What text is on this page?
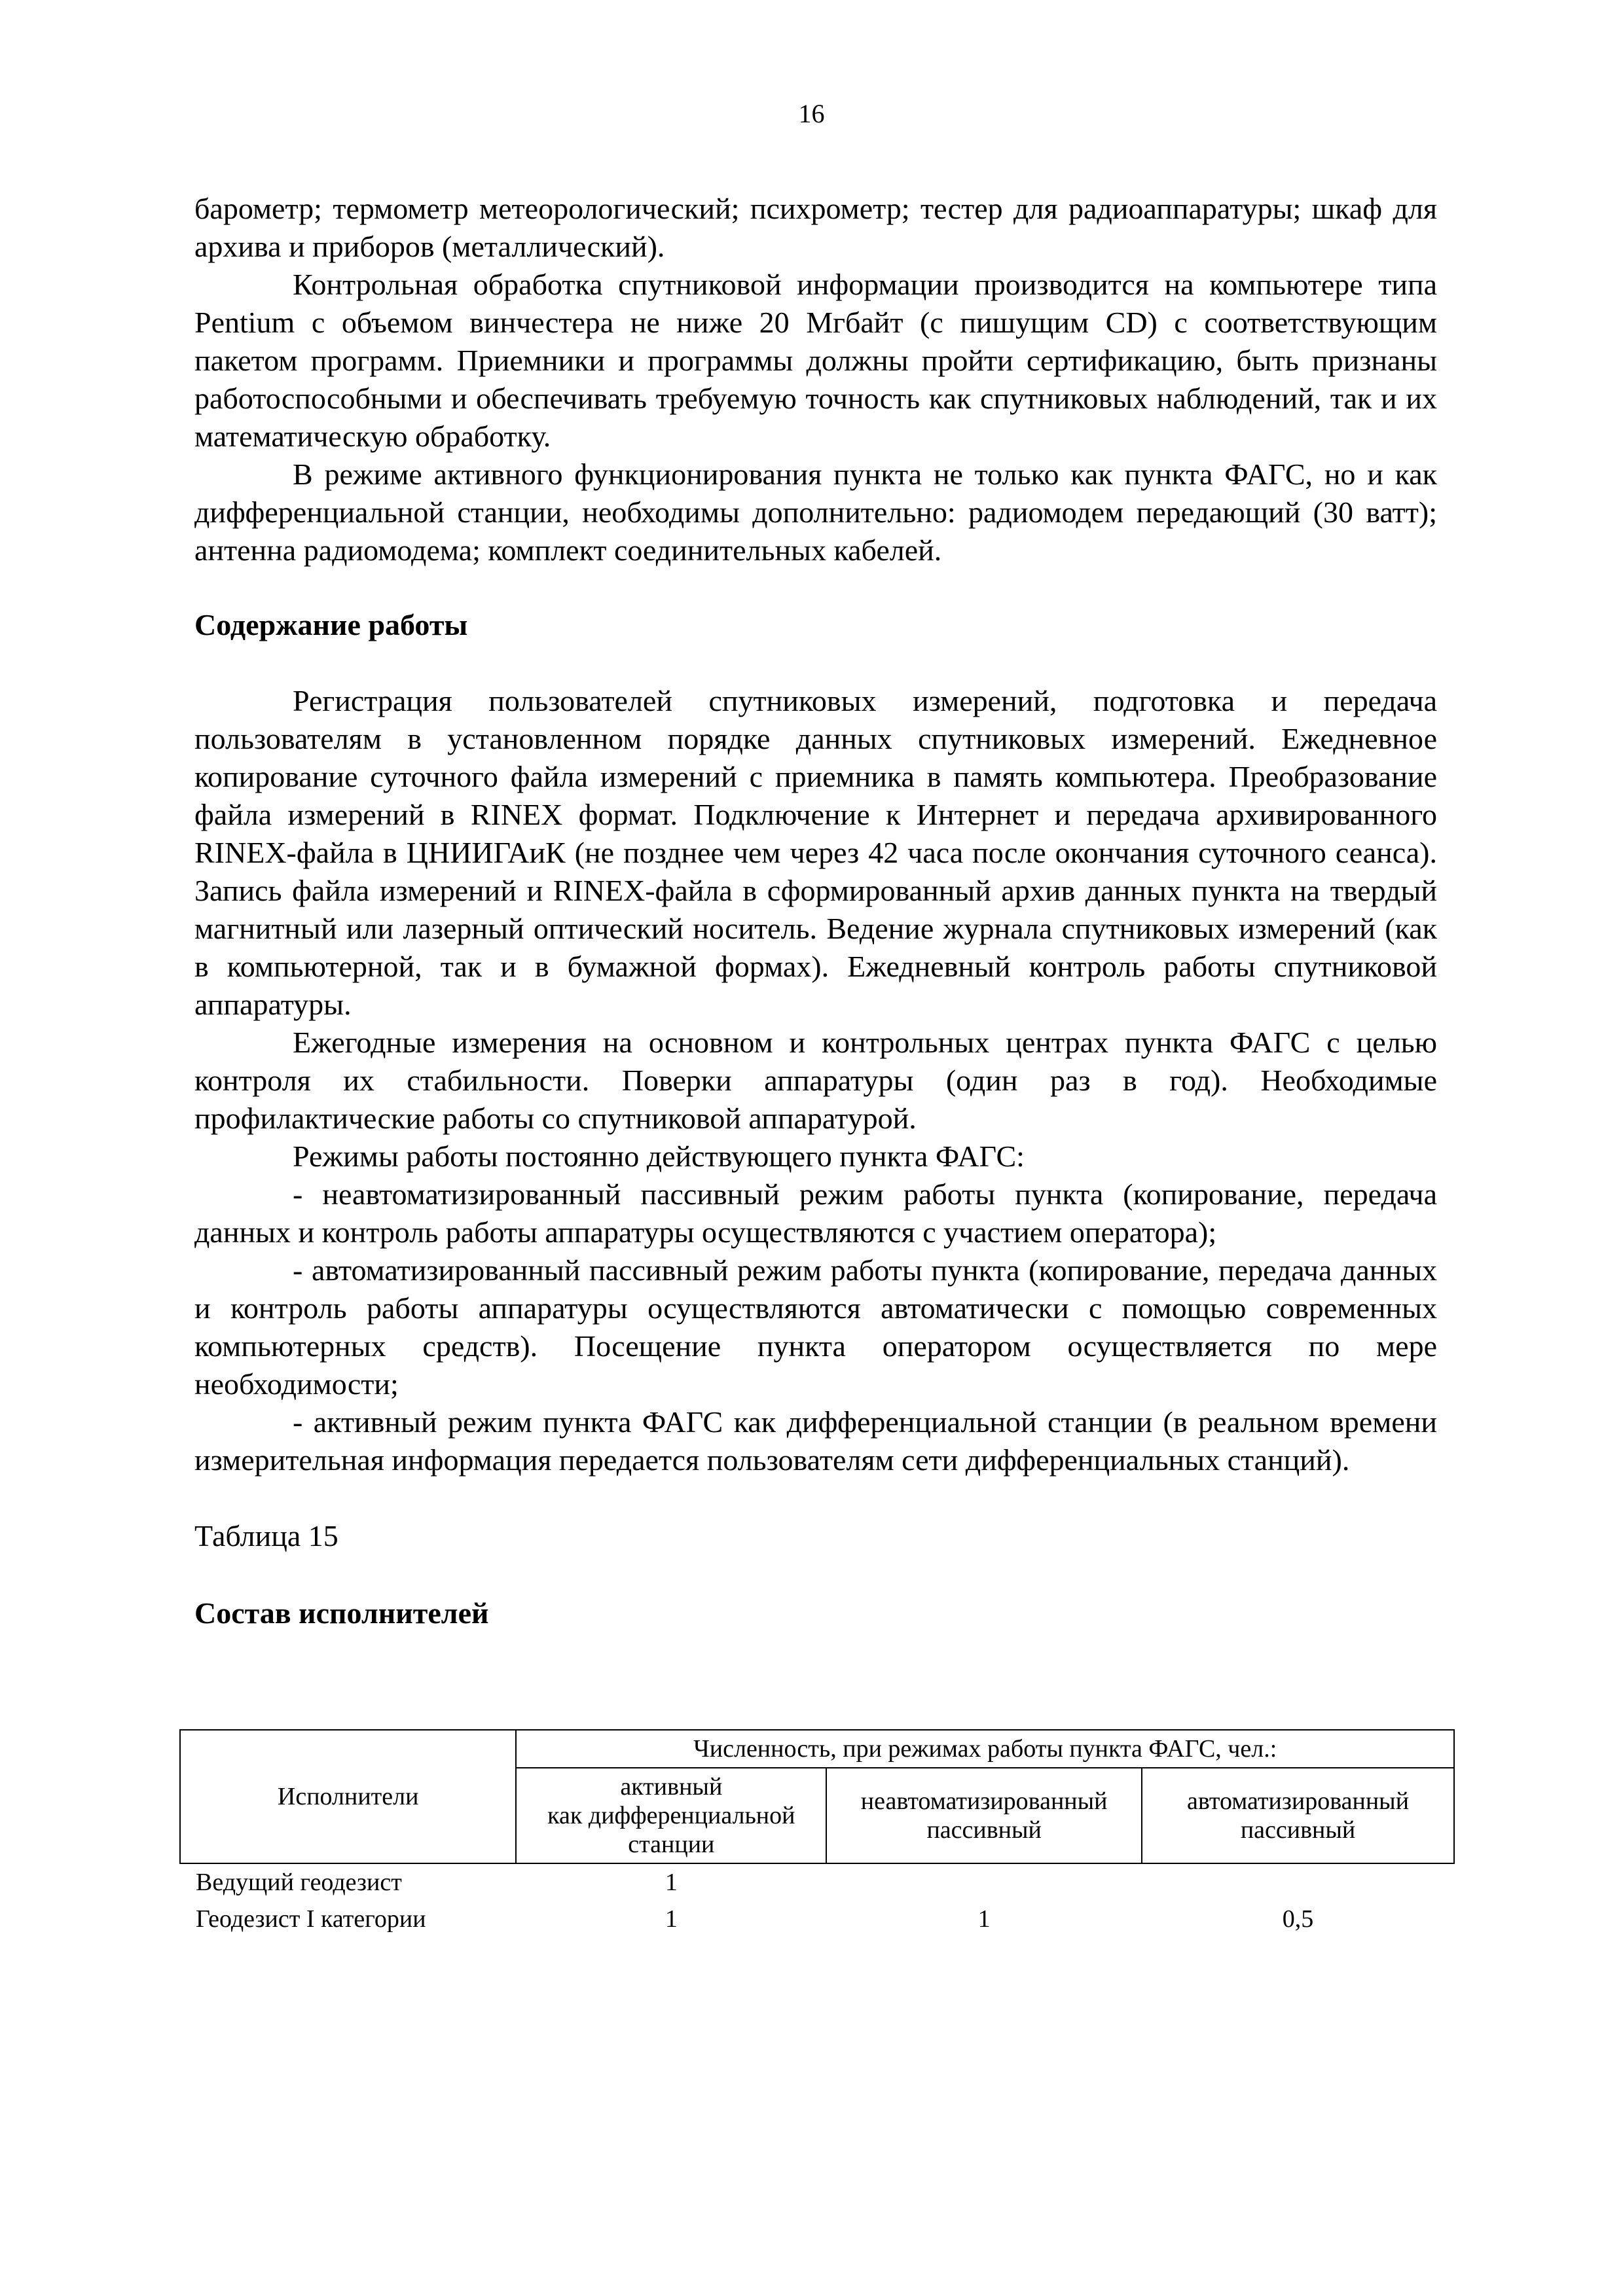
16

барометр; термометр метеорологический; психрометр; тестер для радиоаппаратуры; шкаф для архива и приборов (металлический).

Контрольная обработка спутниковой информации производится на компьютере типа Pentium с объемом винчестера не ниже 20 Мгбайт (с пишущим CD) с соответствующим пакетом программ. Приемники и программы должны пройти сертификацию, быть признаны работоспособными и обеспечивать требуемую точность как спутниковых наблюдений, так и их математическую обработку.

В режиме активного функционирования пункта не только как пункта ФАГС, но и как дифференциальной станции, необходимы дополнительно: радиомодем передающий (30 ватт); антенна радиомодема; комплект соединительных кабелей.

Содержание работы

Регистрация пользователей спутниковых измерений, подготовка и передача пользователям в установленном порядке данных спутниковых измерений. Ежедневное копирование суточного файла измерений с приемника в память компьютера. Преобразование файла измерений в RINEX формат. Подключение к Интернет и передача архивированного RINEX-файла в ЦНИИГАиК (не позднее чем через 42 часа после окончания суточного сеанса). Запись файла измерений и RINEX-файла в сформированный архив данных пункта на твердый магнитный или лазерный оптический носитель. Ведение журнала спутниковых измерений (как в компьютерной, так и в бумажной формах). Ежедневный контроль работы спутниковой аппаратуры.

Ежегодные измерения на основном и контрольных центрах пункта ФАГС с целью контроля их стабильности. Поверки аппаратуры (один раз в год). Необходимые профилактические работы со спутниковой аппаратурой.

Режимы работы постоянно действующего пункта ФАГС:

- неавтоматизированный пассивный режим работы пункта (копирование, передача данных и контроль работы аппаратуры осуществляются с участием оператора);

- автоматизированный пассивный режим работы пункта (копирование, передача данных и контроль работы аппаратуры осуществляются автоматически с помощью современных компьютерных средств). Посещение пункта оператором осуществляется по мере необходимости;

- активный режим пункта ФАГС как дифференциальной станции (в реальном времени измерительная информация передается пользователям сети дифференциальных станций).

Таблица 15

Состав исполнителей

Исполнители	Численность, при режимах работы пункта ФАГС, чел.:		
	активный
как дифференциальной
станции	неавтоматизированный
пассивный	автоматизированный
пассивный
Ведущий геодезист	1		
Геодезист I категории	1	1	0,5
